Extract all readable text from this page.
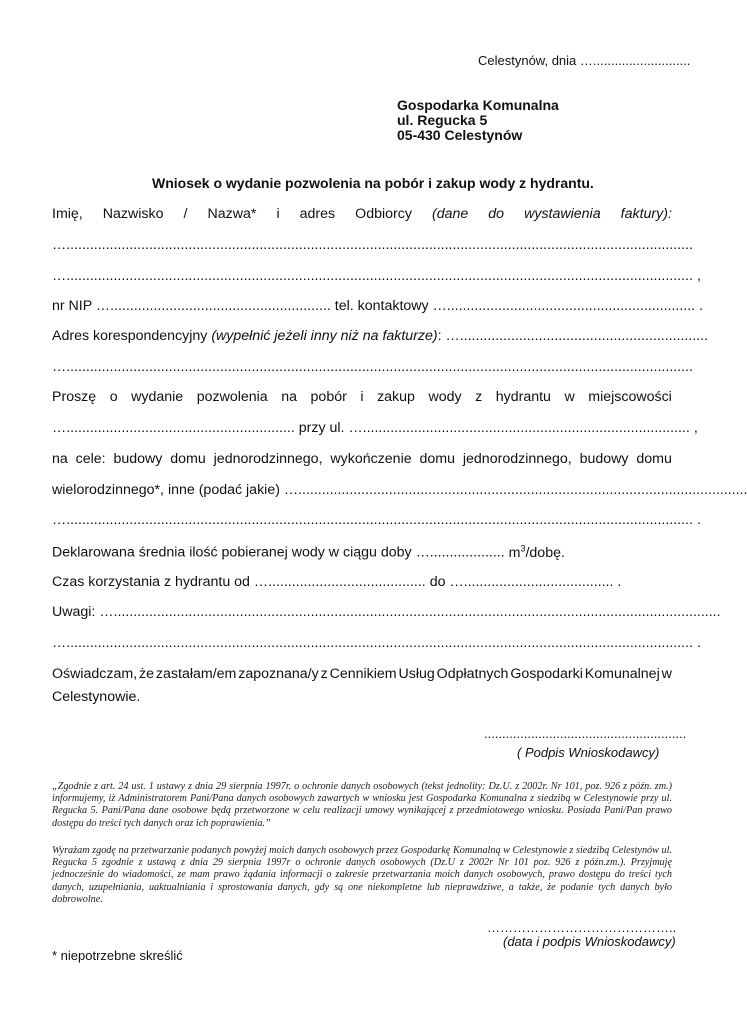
Celestynów, dnia …...........................
Gospodarka Komunalna
ul. Regucka 5
05-430 Celestynów
Wniosek o wydanie pozwolenia na pobór i zakup wody z hydrantu.
Imię, Nazwisko / Nazwa* i adres Odbiorcy (dane do wystawienia faktury):
…...............................................................................................................................................................
…............................................................................................................................................................... ,
nr NIP …........................................................ tel. kontaktowy …............................................................... .
Adres korespondencyjny
(wypełnić jeżeli inny niż na fakturze) :
…...............................................................
…...............................................................................................................................................................
Proszę o wydanie pozwolenia na pobór i zakup wody z hydrantu w miejscowości
…..........................................................
przy ul.
…................................................................................... ,
na cele: budowy domu jednorodzinnego, wykończenie domu jednorodzinnego, budowy domu
wielorodzinnego*, inne (podać jakie)
…..................................................................................................................
…............................................................................................................................................................... .
Deklarowana średnia ilość pobieranej wody w ciągu doby …................... $m^3$/dobę.
Czas korzystania z hydrantu od …........................................ do …...................................... .
Uwagi:
…..........................................................................................................................................................
…............................................................................................................................................................... .
Oświadczam, że zastałam/em zapoznana/y z Cennikiem Usług Odpłatnych Gospodarki Komunalnej w
Celestynowie.
........................................................
( Podpis Wnioskodawcy)
„Zgodnie z art. 24 ust. 1 ustawy z dnia 29 sierpnia 1997r. o ochronie danych osobowych (tekst jednolity: Dz.U. z 2002r. Nr 101, poz. 926 z późn. zm.) informujemy, iż Administratorem Pani/Pana danych osobowych zawartych w wniosku jest Gospodarka Komunalna z siedzibą w Celestynowie przy ul. Regucka 5. Pani/Pana dane osobowe będą przetworzone w celu realizacji umowy wynikającej z przedmiotowego wniosku. Posiada Pani/Pan prawo dostępu do treści tych danych oraz ich poprawienia.”
Wyrażam zgodę na przetwarzanie podanych powyżej moich danych osobowych przez Gospodarkę Komunalną w Celestynowie z siedzibą Celestynów ul. Regucka 5 zgodnie z ustawą z dnia 29 sierpnia 1997r o ochronie danych osobowych (Dz.U z 2002r Nr 101 poz. 926 z późn.zm.). Przyjmuję jednocześnie do wiadomości, ze mam prawo żądania informacji o zakresie przetwarzania moich danych osobowych, prawo dostępu do treści tych danych, uzupełniania, uaktualniania i sprostowania danych, gdy są one niekompletne lub nieprawdziwe, a także, że podanie tych danych było dobrowolne.
……………………………………..
(data i podpis Wnioskodawcy)
* niepotrzebne skreślić
